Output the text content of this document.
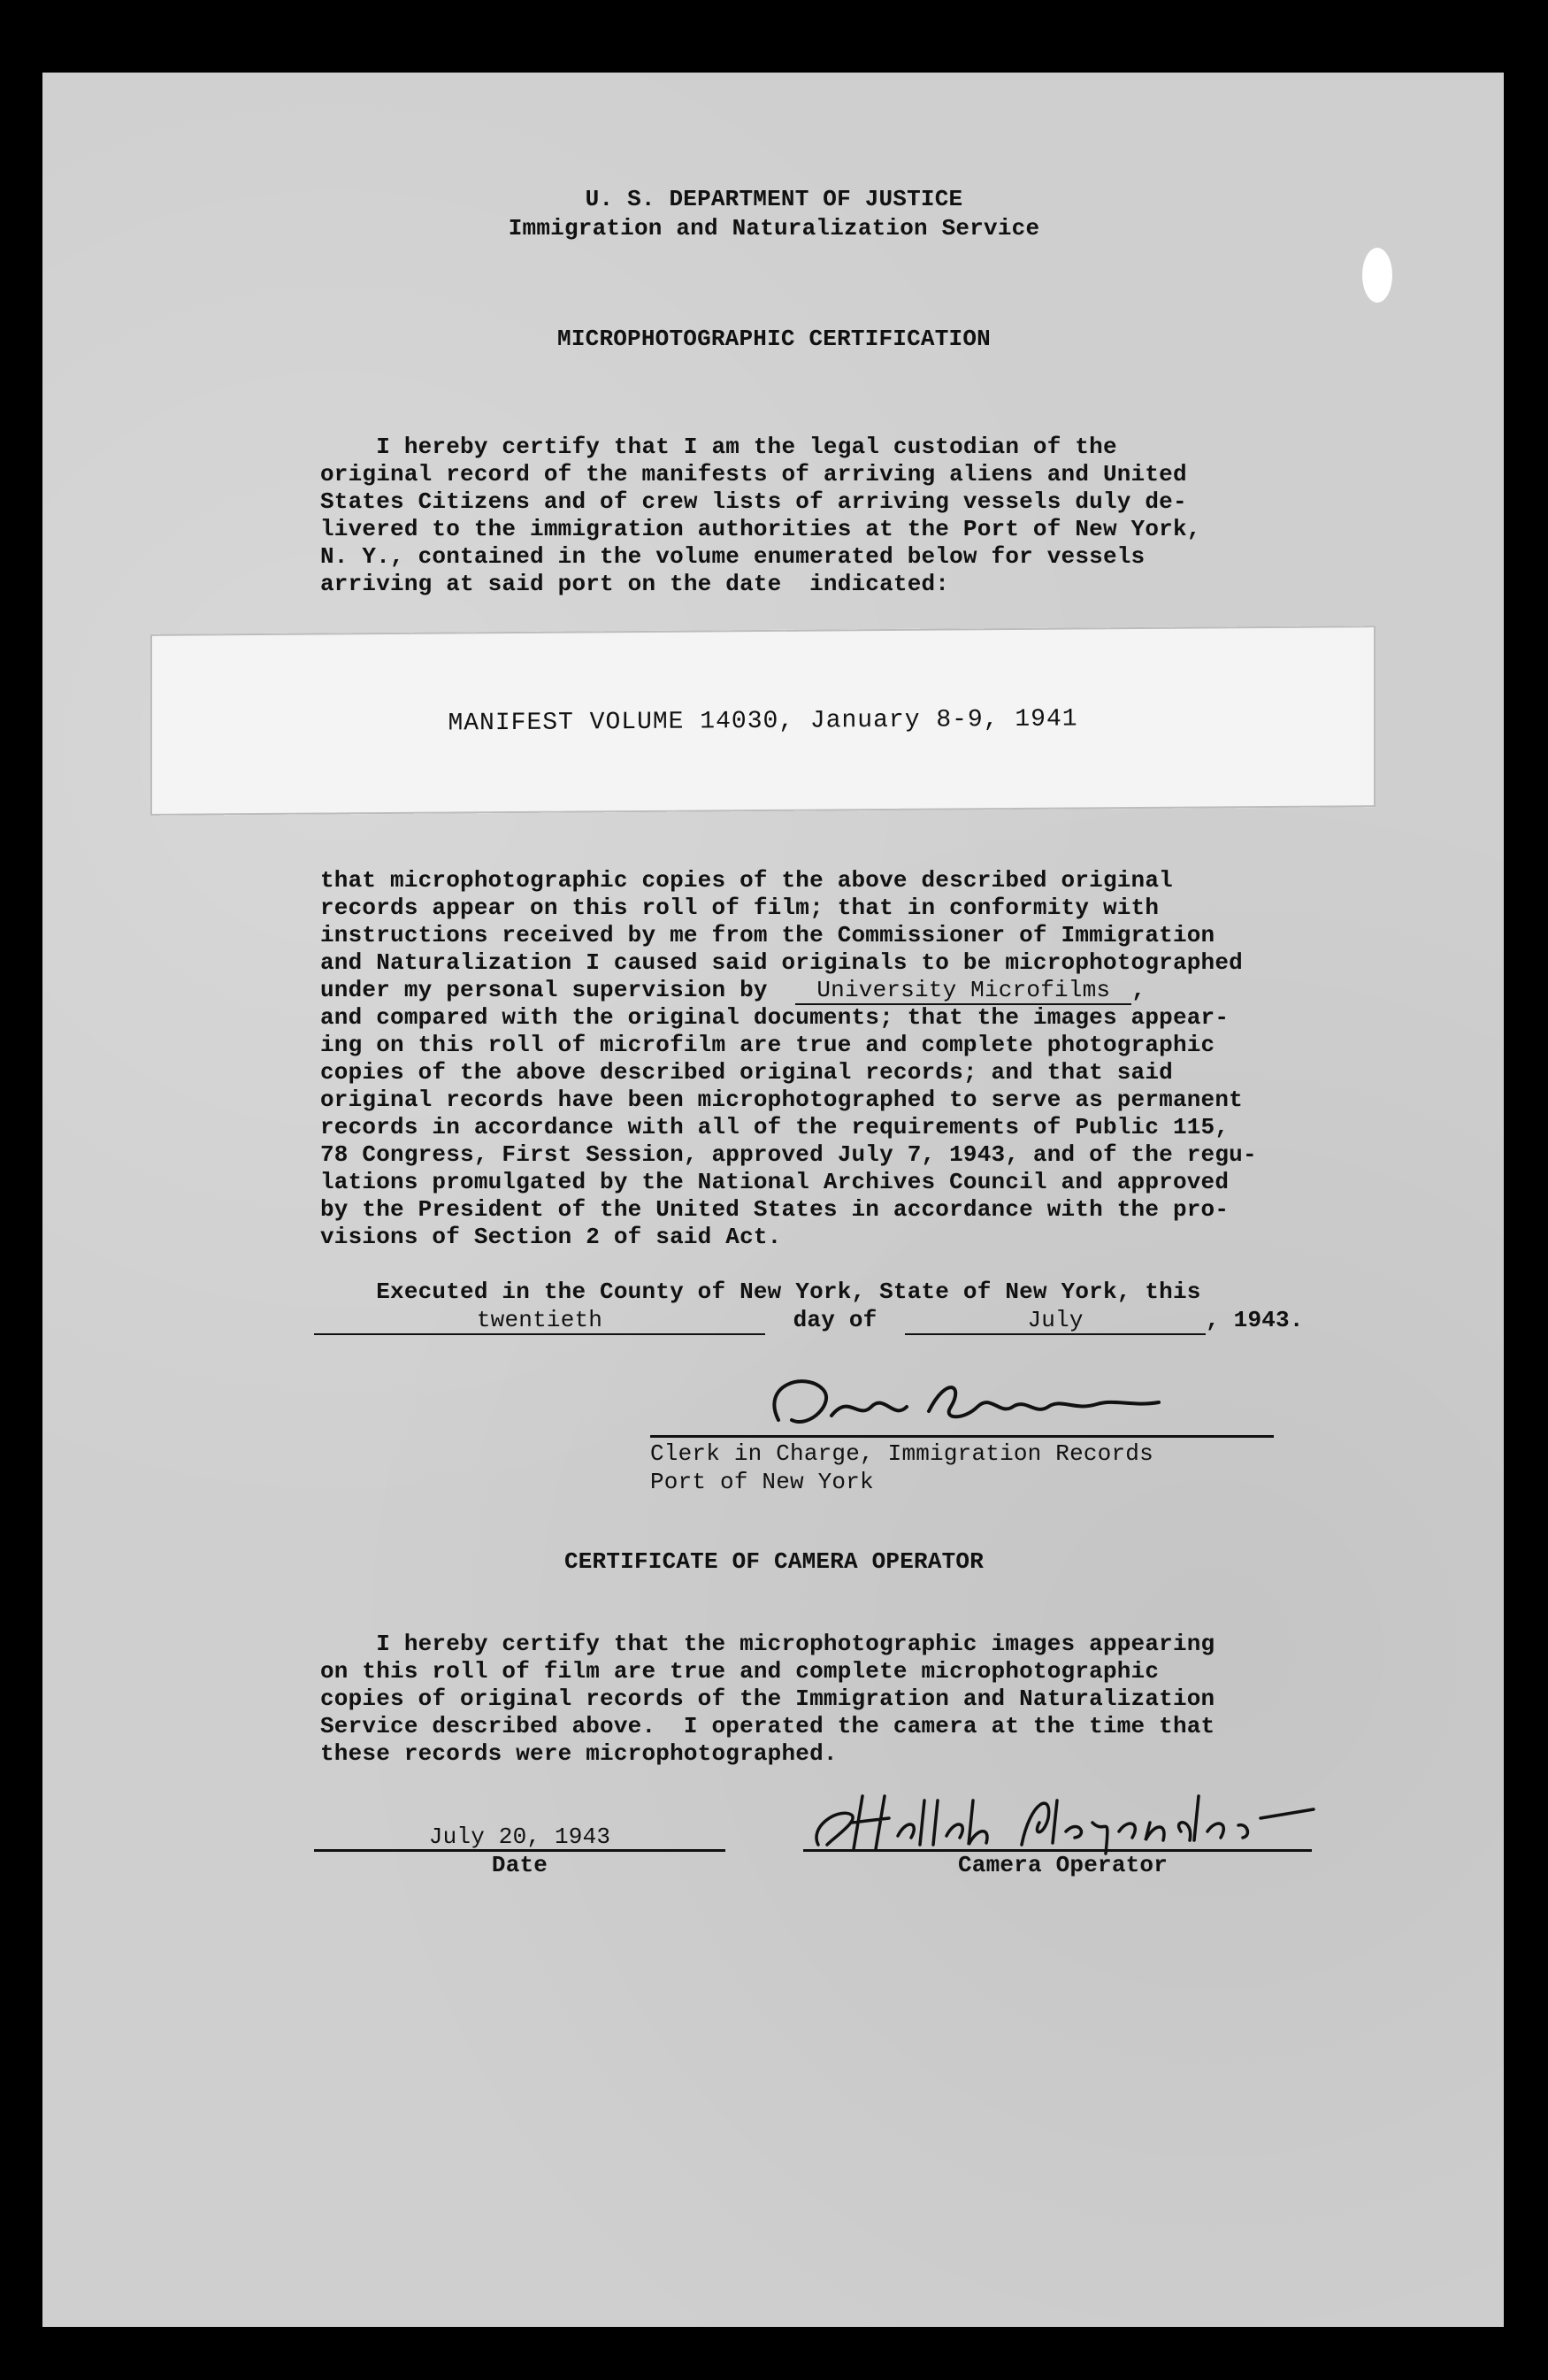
U. S. DEPARTMENT OF JUSTICE
Immigration and Naturalization Service
MICROPHOTOGRAPHIC CERTIFICATION
I hereby certify that I am the legal custodian of the
original record of the manifests of arriving aliens and United
States Citizens and of crew lists of arriving vessels duly de-
livered to the immigration authorities at the Port of New York,
N. Y., contained in the volume enumerated below for vessels
arriving at said port on the date  indicated:
MANIFEST VOLUME 14030, January 8-9, 1941
that microphotographic copies of the above described original
records appear on this roll of film; that in conformity with
instructions received by me from the Commissioner of Immigration
and Naturalization I caused said originals to be microphotographed
under my personal supervision by University Microfilms ,
and compared with the original documents; that the images appear-
ing on this roll of microfilm are true and complete photographic
copies of the above described original records; and that said
original records have been microphotographed to serve as permanent
records in accordance with all of the requirements of Public 115,
78 Congress, First Session, approved July 7, 1943, and of the regu-
lations promulgated by the National Archives Council and approved
by the President of the United States in accordance with the pro-
visions of Section 2 of said Act.
Executed in the County of New York, State of New York, this
twentieth	day of	July	, 1943.
Clerk in Charge, Immigration Records
Port of New York
CERTIFICATE OF CAMERA OPERATOR
I hereby certify that the microphotographic images appearing
on this roll of film are true and complete microphotographic
copies of original records of the Immigration and Naturalization
Service described above.  I operated the camera at the time that
these records were microphotographed.
July 20, 1943
Date	Camera Operator
